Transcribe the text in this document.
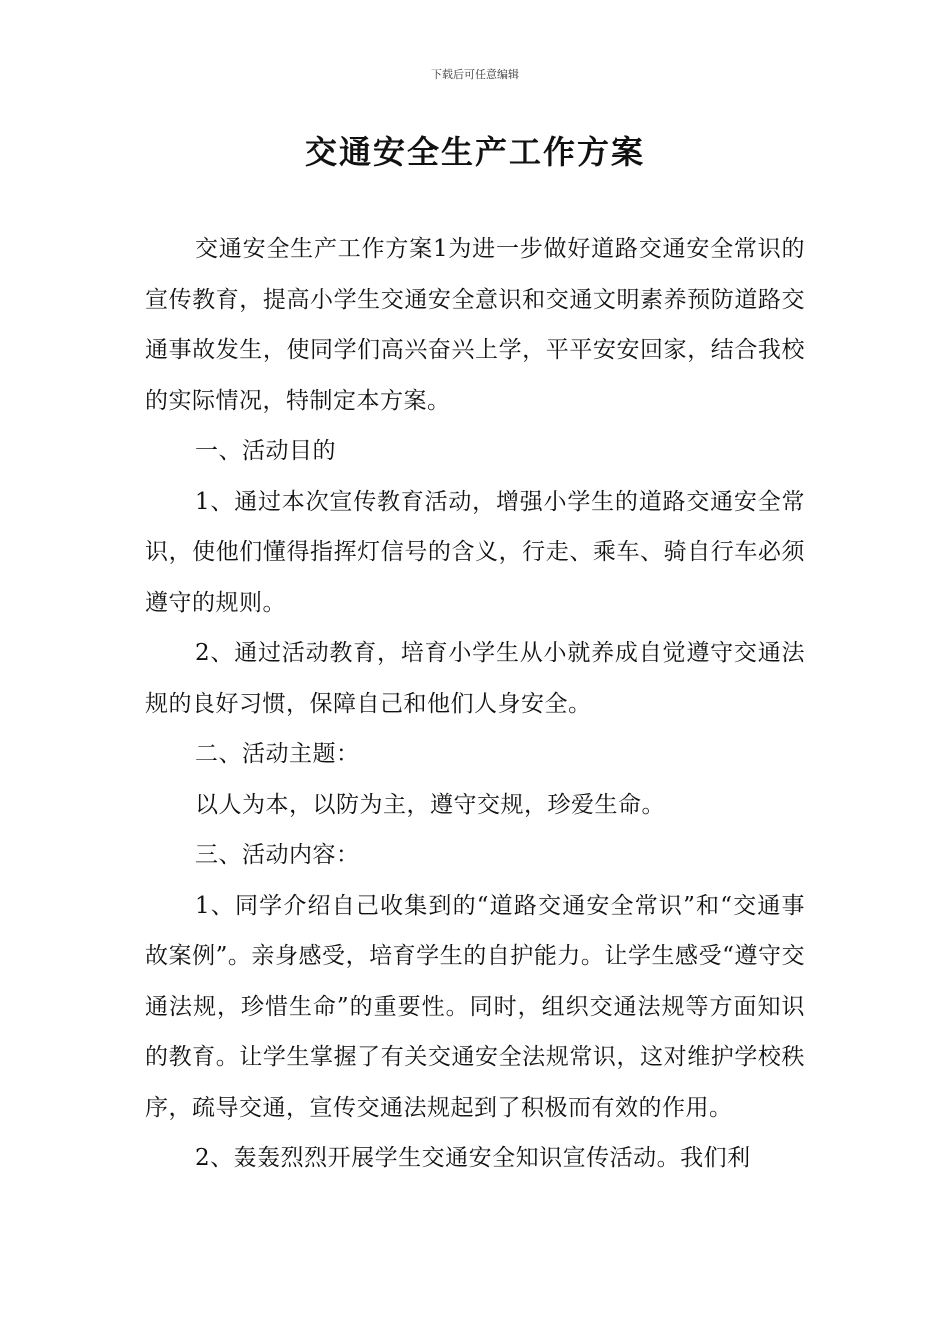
下载后可任意编辑
交通安全生产工作方案

交通安全生产工作方案1为进一步做好道路交通安全常识的宣传教育，提高小学生交通安全意识和交通文明素养预防道路交通事故发生，使同学们高兴奋兴上学，平平安安回家，结合我校的实际情况，特制定本方案。

一、活动目的

1、通过本次宣传教育活动，增强小学生的道路交通安全常识，使他们懂得指挥灯信号的含义，行走、乘车、骑自行车必须遵守的规则。

2、通过活动教育，培育小学生从小就养成自觉遵守交通法规的良好习惯，保障自己和他们人身安全。

二、活动主题：

以人为本，以防为主，遵守交规，珍爱生命。

三、活动内容：

1、同学介绍自己收集到的“道路交通安全常识”和“交通事故案例”。亲身感受，培育学生的自护能力。让学生感受“遵守交通法规，珍惜生命”的重要性。同时，组织交通法规等方面知识的教育。让学生掌握了有关交通安全法规常识，这对维护学校秩序，疏导交通，宣传交通法规起到了积极而有效的作用。

2、轰轰烈烈开展学生交通安全知识宣传活动。我们利
